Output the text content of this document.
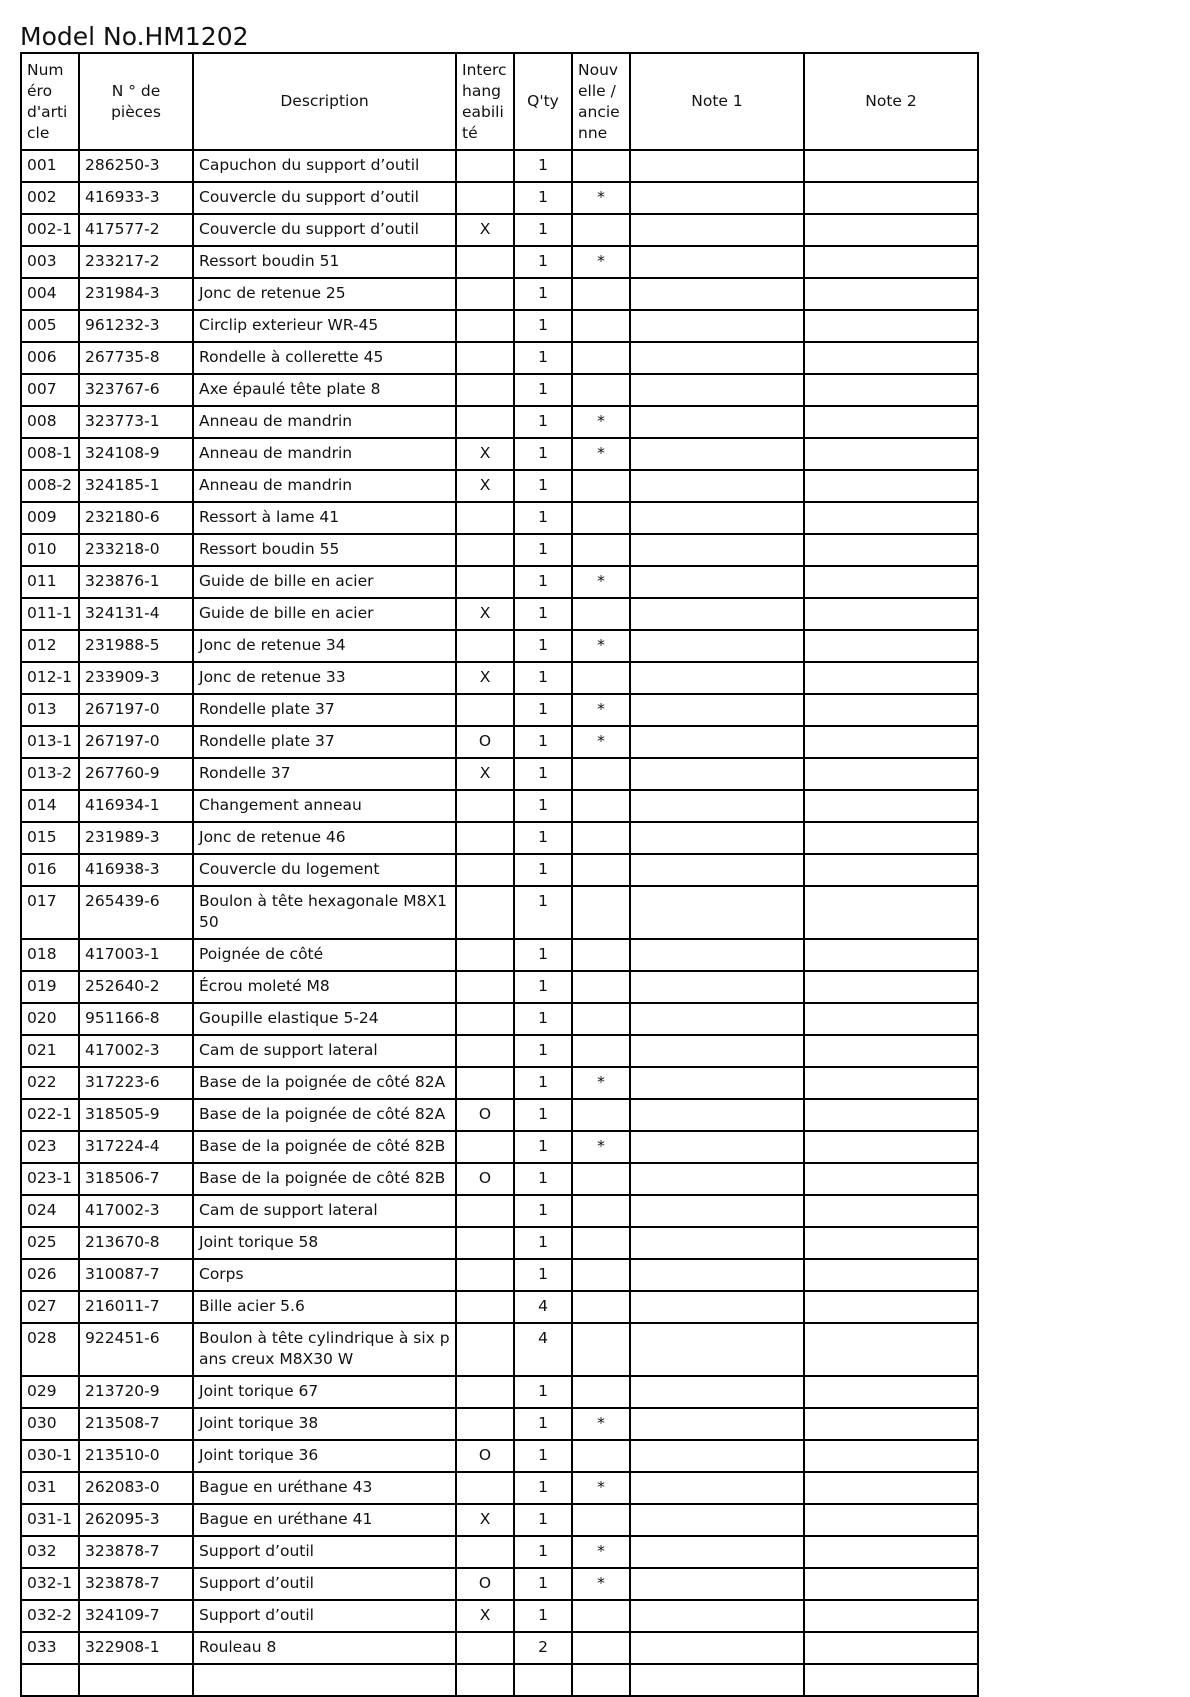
Model No.HM1202
Numéro d'article	N ° de pièces	Description	Interchangeabilité	Q'ty	Nouvelle / ancienne	Note 1	Note 2
001	286250-3	Capuchon du support d’outil		1			
002	416933-3	Couvercle du support d’outil		1	*		
002-1	417577-2	Couvercle du support d’outil	X	1			
003	233217-2	Ressort boudin 51		1	*		
004	231984-3	Jonc de retenue 25		1			
005	961232-3	Circlip exterieur WR-45		1			
006	267735-8	Rondelle à collerette 45		1			
007	323767-6	Axe épaulé tête plate 8		1			
008	323773-1	Anneau de mandrin		1	*		
008-1	324108-9	Anneau de mandrin	X	1	*		
008-2	324185-1	Anneau de mandrin	X	1			
009	232180-6	Ressort à lame 41		1			
010	233218-0	Ressort boudin 55		1			
011	323876-1	Guide de bille en acier		1	*		
011-1	324131-4	Guide de bille en acier	X	1			
012	231988-5	Jonc de retenue 34		1	*		
012-1	233909-3	Jonc de retenue 33	X	1			
013	267197-0	Rondelle plate 37		1	*		
013-1	267197-0	Rondelle plate 37	O	1	*		
013-2	267760-9	Rondelle 37	X	1			
014	416934-1	Changement anneau		1			
015	231989-3	Jonc de retenue 46		1			
016	416938-3	Couvercle du logement		1			
017	265439-6	Boulon à tête hexagonale M8X150		1			
018	417003-1	Poignée de côté		1			
019	252640-2	Écrou moleté M8		1			
020	951166-8	Goupille elastique 5-24		1			
021	417002-3	Cam de support lateral		1			
022	317223-6	Base de la poignée de côté 82A		1	*		
022-1	318505-9	Base de la poignée de côté 82A	O	1			
023	317224-4	Base de la poignée de côté 82B		1	*		
023-1	318506-7	Base de la poignée de côté 82B	O	1			
024	417002-3	Cam de support lateral		1			
025	213670-8	Joint torique 58		1			
026	310087-7	Corps		1			
027	216011-7	Bille acier 5.6		4			
028	922451-6	Boulon à tête cylindrique à six pans creux M8X30 W		4			
029	213720-9	Joint torique 67		1			
030	213508-7	Joint torique 38		1	*		
030-1	213510-0	Joint torique 36	O	1			
031	262083-0	Bague en uréthane 43		1	*		
031-1	262095-3	Bague en uréthane 41	X	1			
032	323878-7	Support d’outil		1	*		
032-1	323878-7	Support d’outil	O	1	*		
032-2	324109-7	Support d’outil	X	1			
033	322908-1	Rouleau 8		2			
